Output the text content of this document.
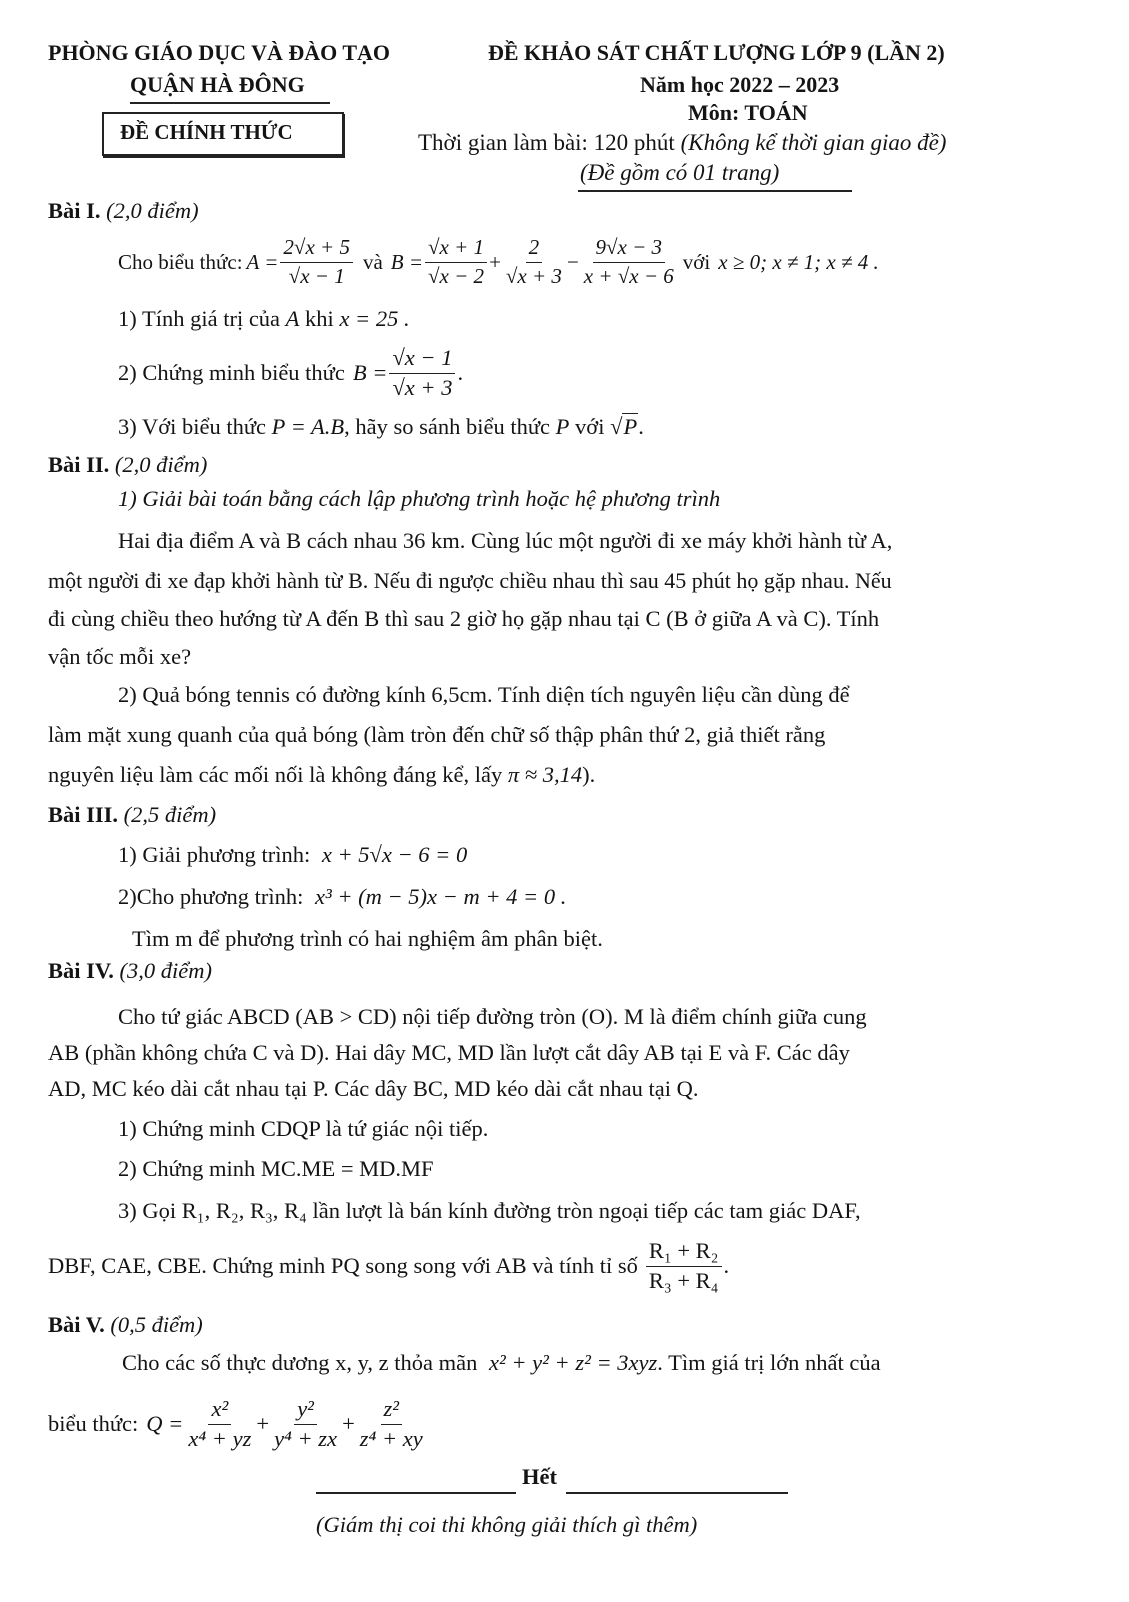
PHÒNG GIÁO DỤC VÀ ĐÀO TẠO
QUẬN HÀ ĐÔNG
ĐỀ CHÍNH THỨC
ĐỀ KHẢO SÁT CHẤT LƯỢNG LỚP 9 (LẦN 2)
Năm học 2022 – 2023
Môn: TOÁN
Thời gian làm bài: 120 phút (Không kể thời gian giao đề)
(Đề gồm có 01 trang)
Bài I. (2,0 điểm)
Cho biểu thức: $A = \frac{2√x + 5}{√x - 1}$ và $B = \frac{√x + 1}{√x - 2} + \frac{2}{√x + 3} - \frac{9√x - 3}{x + √x - 6}$ với x ≥ 0; x ≠ 1; x ≠ 4 .
1) Tính giá trị của A khi x = 25 .
2) Chứng minh biểu thức $B = \frac{√x - 1}{√x + 3}$ .
3) Với biểu thức P = A.B, hãy so sánh biểu thức P với √P.
Bài II. (2,0 điểm)
1) Giải bài toán bằng cách lập phương trình hoặc hệ phương trình
Hai địa điểm A và B cách nhau 36 km. Cùng lúc một người đi xe máy khởi hành từ A,
một người đi xe đạp khởi hành từ B. Nếu đi ngược chiều nhau thì sau 45 phút họ gặp nhau. Nếu
đi cùng chiều theo hướng từ A đến B thì sau 2 giờ họ gặp nhau tại C (B ở giữa A và C). Tính
vận tốc mỗi xe?
2) Quả bóng tennis có đường kính 6,5cm. Tính diện tích nguyên liệu cần dùng để
làm mặt xung quanh của quả bóng (làm tròn đến chữ số thập phân thứ 2, giả thiết rằng
nguyên liệu làm các mối nối là không đáng kể, lấy π ≈ 3,14).
Bài III. (2,5 điểm)
1) Giải phương trình: x + 5√x − 6 = 0
2)Cho phương trình: x³ + (m − 5)x − m + 4 = 0 .
Tìm m để phương trình có hai nghiệm âm phân biệt.
Bài IV. (3,0 điểm)
Cho tứ giác ABCD (AB > CD) nội tiếp đường tròn (O). M là điểm chính giữa cung
AB (phần không chứa C và D). Hai dây MC, MD lần lượt cắt dây AB tại E và F. Các dây
AD, MC kéo dài cắt nhau tại P. Các dây BC, MD kéo dài cắt nhau tại Q.
1) Chứng minh CDQP là tứ giác nội tiếp.
2) Chứng minh MC.ME = MD.MF
3) Gọi R₁, R₂, R₃, R₄ lần lượt là bán kính đường tròn ngoại tiếp các tam giác DAF,
DBF, CAE, CBE. Chứng minh PQ song song với AB và tính tỉ số $\frac{\text{R₁ + R₂}}{\text{R₃ + R₄}}$ .
Bài V. (0,5 điểm)
Cho các số thực dương x, y, z thỏa mãn x² + y² + z² = 3xyz. Tìm giá trị lớn nhất của
biểu thức: $Q = \frac{\text{x²}}{\text{x⁴ + yz}} + \frac{\text{y²}}{\text{y⁴ + zx}} + \frac{\text{z²}}{\text{z⁴ + xy}}$
Hết
(Giám thị coi thi không giải thích gì thêm)
